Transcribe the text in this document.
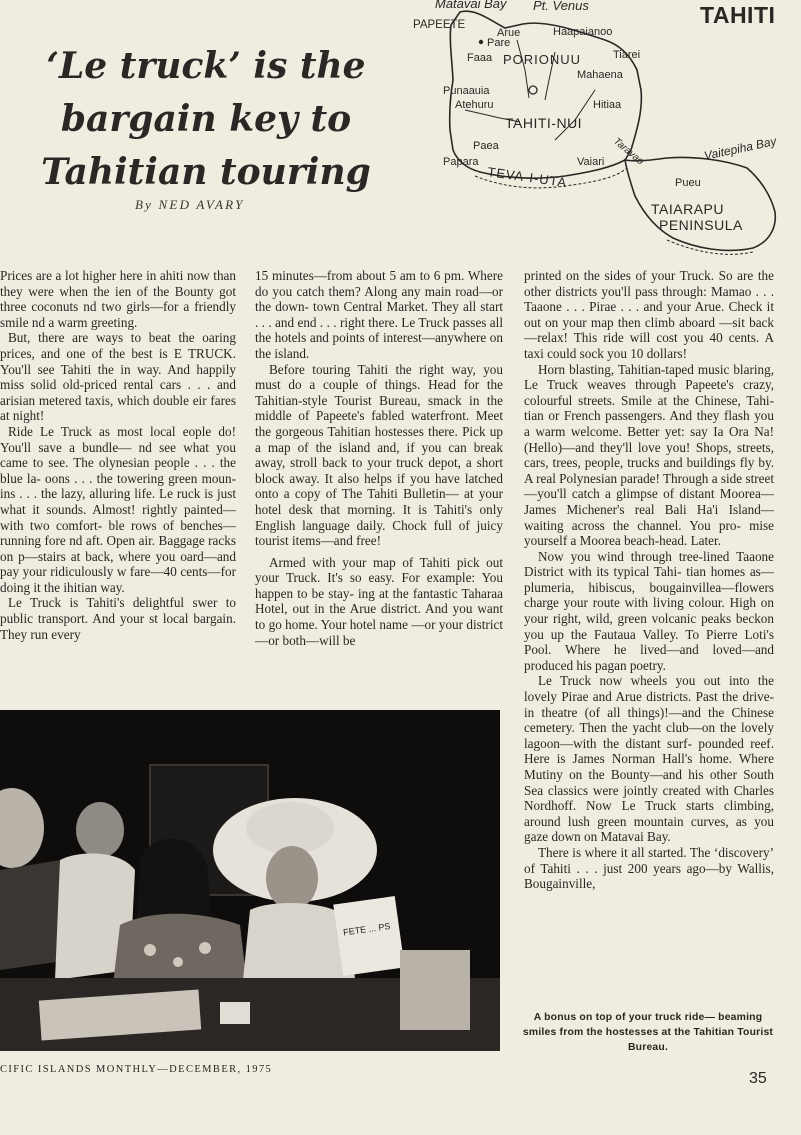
TAHITI
‘Le truck’ is the bargain key to Tahitian touring
By NED AVARY
Matavai Bay Pt. Venus
PAPEETE
Arue	Haapaianoo
Pare
Faaa PORIONUU	Tiarei
Mahaena
Punaauia
Atehuru	Hitiaa
TAHITI-NUI
Paea
Papara
TEVA-I-UTA
Taravao
Vaiari	Vaitepiha Bay
Pueu
TAIARAPU
PENINSULA

Prices are a lot higher here in ahiti now than they were when the ien of the Bounty got three coconuts nd two girls—for a friendly smile nd a warm greeting.

But, there are ways to beat the oaring prices, and one of the best is E TRUCK. You'll see Tahiti the in way. And happily miss solid old-priced rental cars . . . and arisian metered taxis, which double eir fares at night!

Ride Le Truck as most local eople do! You'll save a bundle— nd see what you came to see. The olynesian people . . . the blue la- oons . . . the towering green moun- ins . . . the lazy, alluring life. Le ruck is just what it sounds. Almost! rightly painted—with two comfort- ble rows of benches—running fore nd aft. Open air. Baggage racks on p—stairs at back, where you oard—and pay your ridiculously w fare—40 cents—for doing it the ihitian way.

Le Truck is Tahiti's delightful swer to public transport. And your st local bargain. They run every

15 minutes—from about 5 am to 6 pm. Where do you catch them? Along any main road—or the down- town Central Market. They all start . . . and end . . . right there. Le Truck passes all the hotels and points of interest—anywhere on the island.

Before touring Tahiti the right way, you must do a couple of things. Head for the Tahitian-style Tourist Bureau, smack in the middle of Papeete's fabled waterfront. Meet the gorgeous Tahitian hostesses there. Pick up a map of the island and, if you can break away, stroll back to your truck depot, a short block away. It also helps if you have latched onto a copy of The Tahiti Bulletin— at your hotel desk that morning. It is Tahiti's only English language daily. Chock full of juicy tourist items—and free!

Armed with your map of Tahiti pick out your Truck. It's so easy. For example: You happen to be stay- ing at the fantastic Taharaa Hotel, out in the Arue district. And you want to go home. Your hotel name —or your district—or both—will be

printed on the sides of your Truck. So are the other districts you'll pass through: Mamao . . . Taaone . . . Pirae . . . and your Arue. Check it out on your map then climb aboard —sit back—relax! This ride will cost you 40 cents. A taxi could sock you 10 dollars!

Horn blasting, Tahitian-taped music blaring, Le Truck weaves through Papeete's crazy, colourful streets. Smile at the Chinese, Tahi- tian or French passengers. And they flash you a warm welcome. Better yet: say Ia Ora Na! (Hello)—and they'll love you! Shops, streets, cars, trees, people, trucks and buildings fly by. A real Polynesian parade! Through a side street—you'll catch a glimpse of distant Moorea—James Michener's real Bali Ha'i Island— waiting across the channel. You pro- mise yourself a Moorea beach-head. Later.

Now you wind through tree-lined Taaone District with its typical Tahi- tian homes as—plumeria, hibiscus, bougainvillea—flowers charge your route with living colour. High on your right, wild, green volcanic peaks beckon you up the Fautaua Valley. To Pierre Loti's Pool. Where he lived—and loved—and produced his pagan poetry.

Le Truck now wheels you out into the lovely Pirae and Arue districts. Past the drive-in theatre (of all things)!—and the Chinese cemetery. Then the yacht club—on the lovely lagoon—with the distant surf- pounded reef. Here is James Norman Hall's home. Where Mutiny on the Bounty—and his other South Sea classics were jointly created with Charles Nordhoff. Now Le Truck starts climbing, around lush green mountain curves, as you gaze down on Matavai Bay.

There is where it all started. The ‘discovery’ of Tahiti . . . just 200 years ago—by Wallis, Bougainville,

FETE ... PS
A bonus on top of your truck ride— beaming smiles from the hostesses at the Tahitian Tourist Bureau.
CIFIC ISLANDS MONTHLY—DECEMBER, 1975
35
